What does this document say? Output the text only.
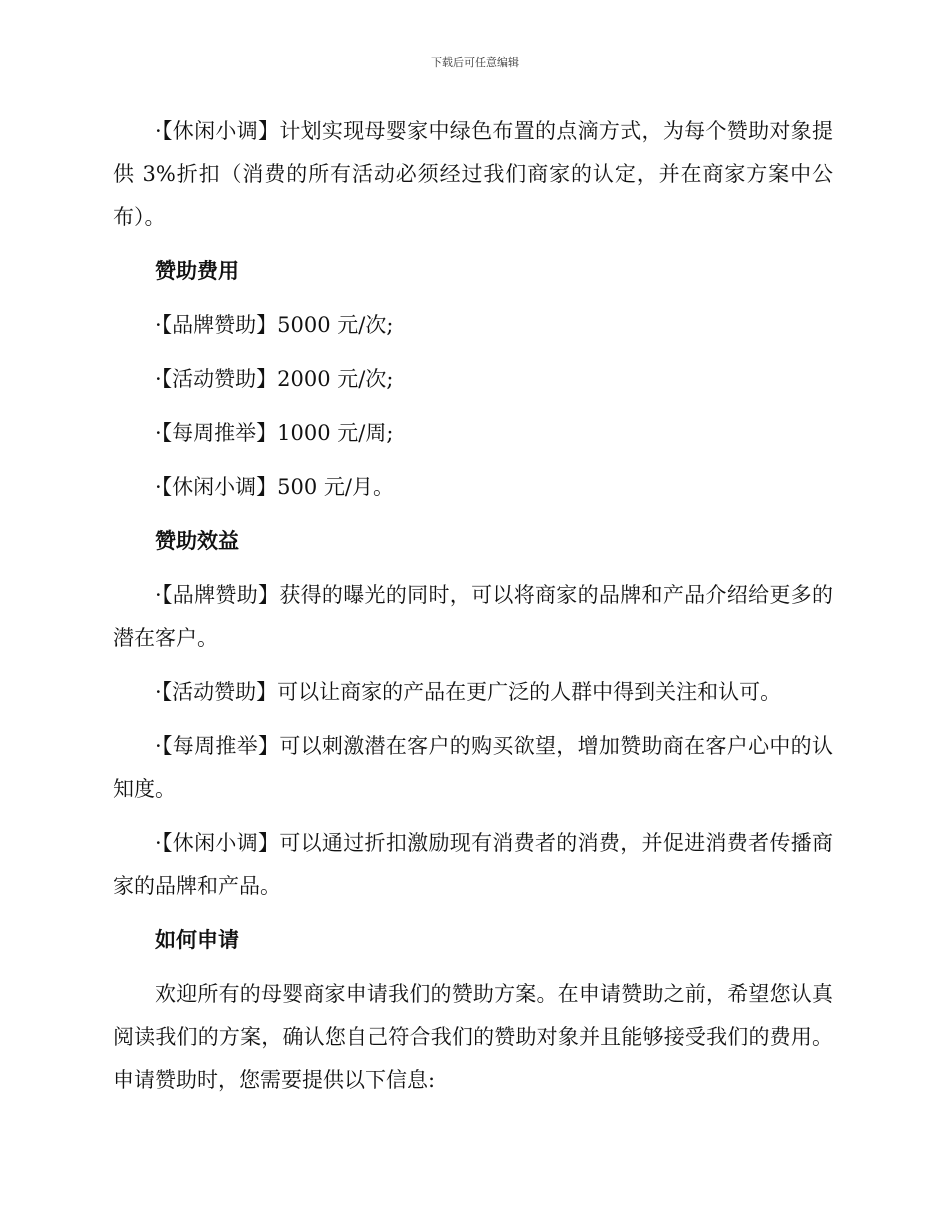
下载后可任意编辑

·【休闲小调】计划实现母婴家中绿色布置的点滴方式，为每个赞助对象提供 3%折扣（消费的所有活动必须经过我们商家的认定，并在商家方案中公布）。

赞助费用

·【品牌赞助】5000 元/次;

·【活动赞助】2000 元/次;

·【每周推举】1000 元/周;

·【休闲小调】500 元/月。

赞助效益

·【品牌赞助】获得的曝光的同时，可以将商家的品牌和产品介绍给更多的潜在客户。

·【活动赞助】可以让商家的产品在更广泛的人群中得到关注和认可。

·【每周推举】可以刺激潜在客户的购买欲望，增加赞助商在客户心中的认知度。

·【休闲小调】可以通过折扣激励现有消费者的消费，并促进消费者传播商家的品牌和产品。

如何申请

欢迎所有的母婴商家申请我们的赞助方案。在申请赞助之前，希望您认真阅读我们的方案，确认您自己符合我们的赞助对象并且能够接受我们的费用。申请赞助时，您需要提供以下信息:
